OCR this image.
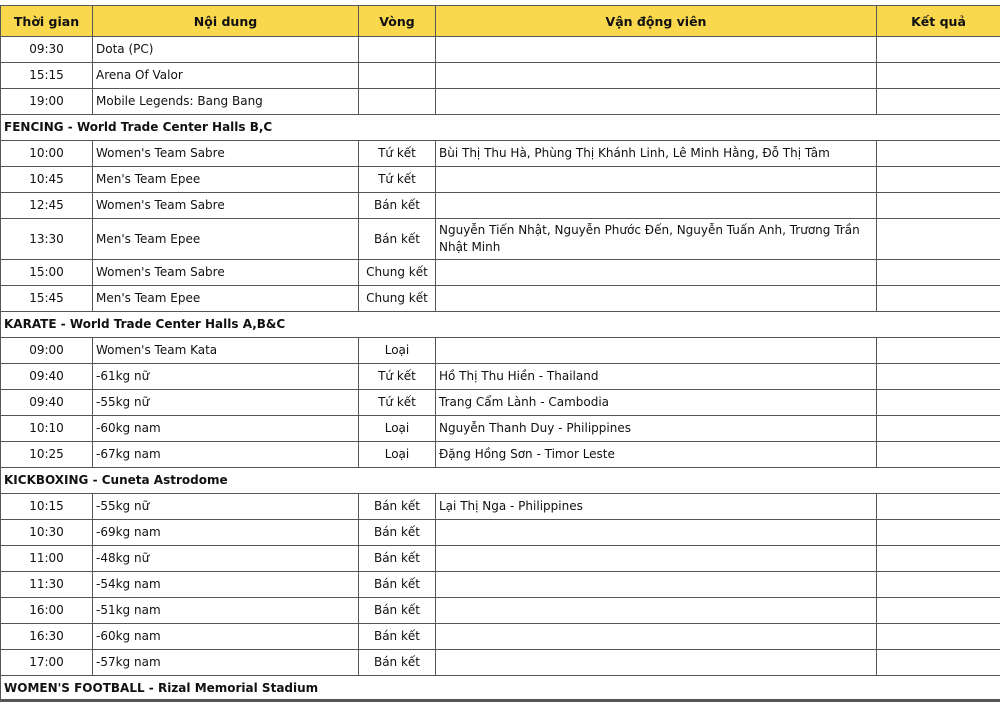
Thời gian	Nội dung	Vòng	Vận động viên	Kết quả
09:30	Dota (PC)			
15:15	Arena Of Valor			
19:00	Mobile Legends: Bang Bang			
FENCING - World Trade Center Halls B,C				
10:00	Women's Team Sabre	Tứ kết	Bùi Thị Thu Hà, Phùng Thị Khánh Linh, Lê Minh Hằng, Đỗ Thị Tâm	
10:45	Men's Team Epee	Tứ kết		
12:45	Women's Team Sabre	Bán kết		
13:30	Men's Team Epee	Bán kết	Nguyễn Tiến Nhật, Nguyễn Phước Đến, Nguyễn Tuấn Anh, Trương Trần Nhật Minh	
15:00	Women's Team Sabre	Chung kết		
15:45	Men's Team Epee	Chung kết		
KARATE - World Trade Center Halls A,B&C				
09:00	Women's Team Kata	Loại		
09:40	-61kg nữ	Tứ kết	Hồ Thị Thu Hiền - Thailand	
09:40	-55kg nữ	Tứ kết	Trang Cẩm Lành - Cambodia	
10:10	-60kg nam	Loại	Nguyễn Thanh Duy - Philippines	
10:25	-67kg nam	Loại	Đặng Hồng Sơn - Timor Leste	
KICKBOXING - Cuneta Astrodome				
10:15	-55kg nữ	Bán kết	Lại Thị Nga - Philippines	
10:30	-69kg nam	Bán kết		
11:00	-48kg nữ	Bán kết		
11:30	-54kg nam	Bán kết		
16:00	-51kg nam	Bán kết		
16:30	-60kg nam	Bán kết		
17:00	-57kg nam	Bán kết		
WOMEN'S FOOTBALL - Rizal Memorial Stadium				
